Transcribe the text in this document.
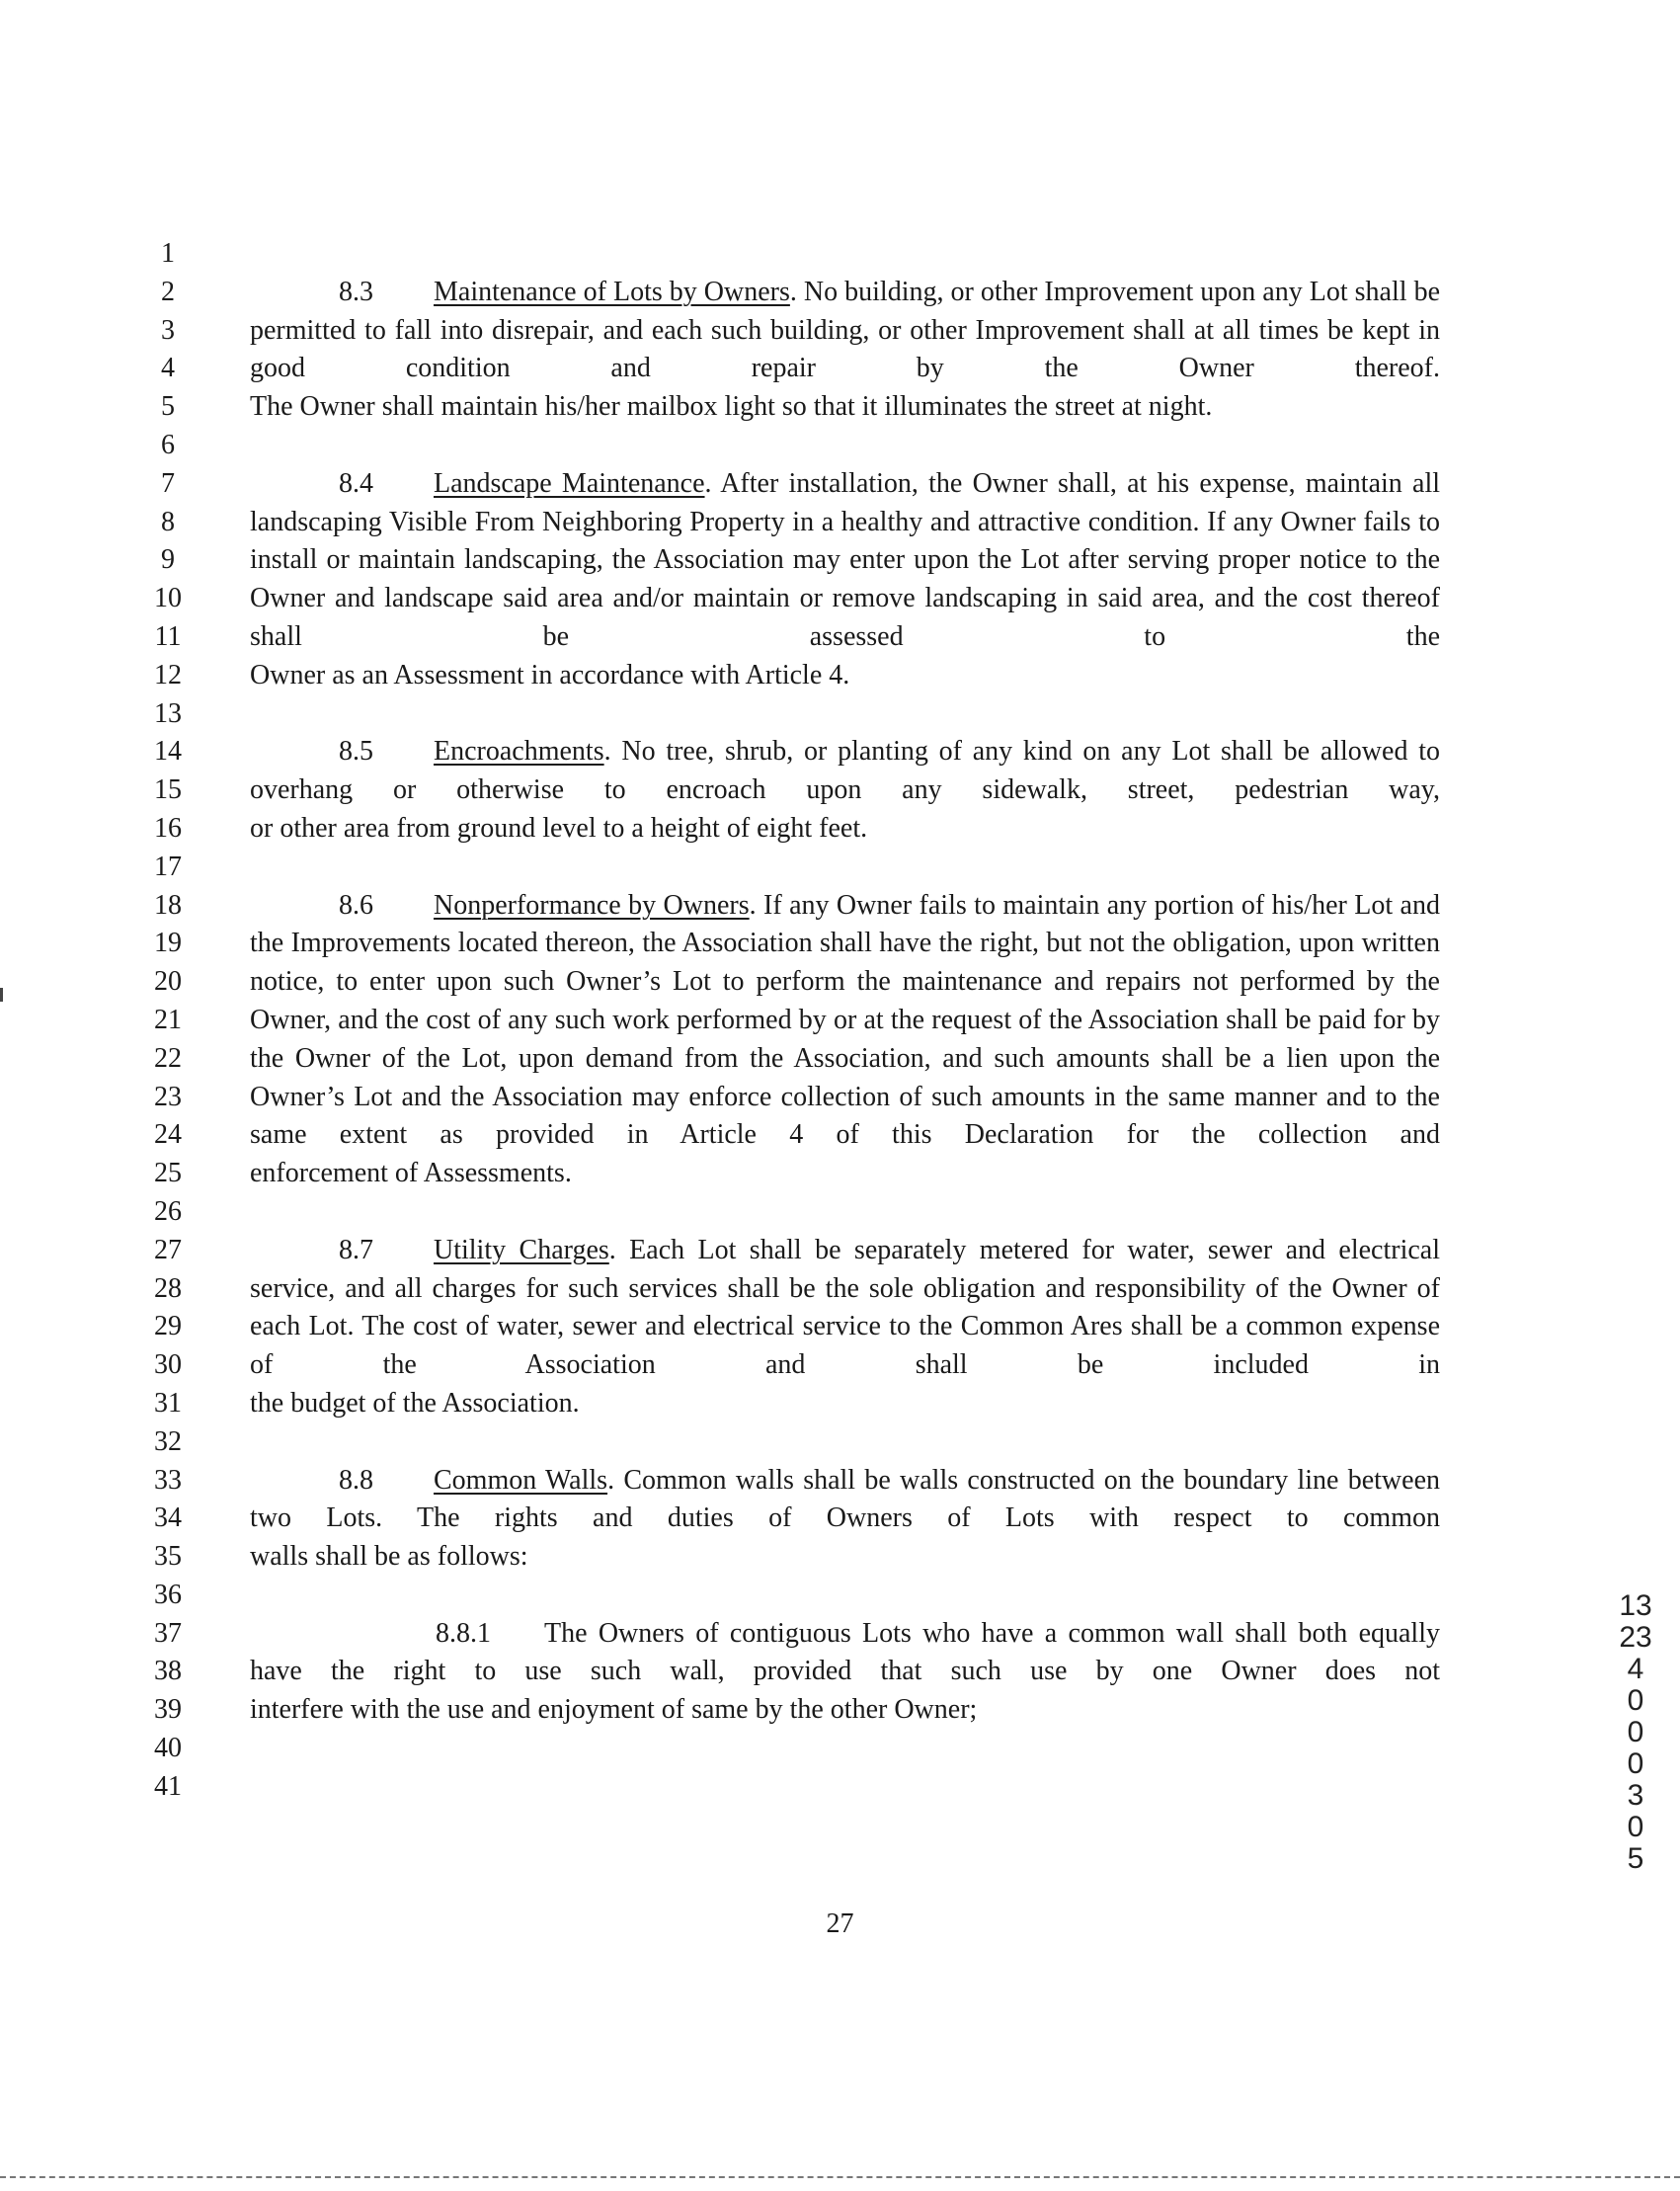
1
2
3
4
5
6
7
8
9
10
11
12
13
14
15
16
17
18
19
20
21
22
23
24
25
26
27
28
29
30
31
32
33
34
35
36
37
38
39
40
41

8.3 Maintenance of Lots by Owners. No building, or other Improvement upon any Lot shall be permitted to fall into disrepair, and each such building, or other Improvement shall at all times be kept in good condition and repair by the Owner thereof.
The Owner shall maintain his/her mailbox light so that it illuminates the street at night.

8.4 Landscape Maintenance. After installation, the Owner shall, at his expense, maintain all landscaping Visible From Neighboring Property in a healthy and attractive condition. If any Owner fails to install or maintain landscaping, the Association may enter upon the Lot after serving proper notice to the Owner and landscape said area and/or maintain or remove landscaping in said area, and the cost thereof shall be assessed to the
Owner as an Assessment in accordance with Article 4.

8.5 Encroachments. No tree, shrub, or planting of any kind on any Lot shall be allowed to overhang or otherwise to encroach upon any sidewalk, street, pedestrian way,
or other area from ground level to a height of eight feet.

8.6 Nonperformance by Owners. If any Owner fails to maintain any portion of his/her Lot and the Improvements located thereon, the Association shall have the right, but not the obligation, upon written notice, to enter upon such Owner’s Lot to perform the maintenance and repairs not performed by the Owner, and the cost of any such work performed by or at the request of the Association shall be paid for by the Owner of the Lot, upon demand from the Association, and such amounts shall be a lien upon the Owner’s Lot and the Association may enforce collection of such amounts in the same manner and to the same extent as provided in Article 4 of this Declaration for the collection and
enforcement of Assessments.

8.7 Utility Charges. Each Lot shall be separately metered for water, sewer and electrical service, and all charges for such services shall be the sole obligation and responsibility of the Owner of each Lot. The cost of water, sewer and electrical service to the Common Ares shall be a common expense of the Association and shall be included in
the budget of the Association.

8.8 Common Walls. Common walls shall be walls constructed on the boundary line between two Lots. The rights and duties of Owners of Lots with respect to common
walls shall be as follows:

8.8.1 The Owners of contiguous Lots who have a common wall shall both equally have the right to use such wall, provided that such use by one Owner does not
interfere with the use and enjoyment of same by the other Owner;

27
1323 4 0 0 0 3 0 5
